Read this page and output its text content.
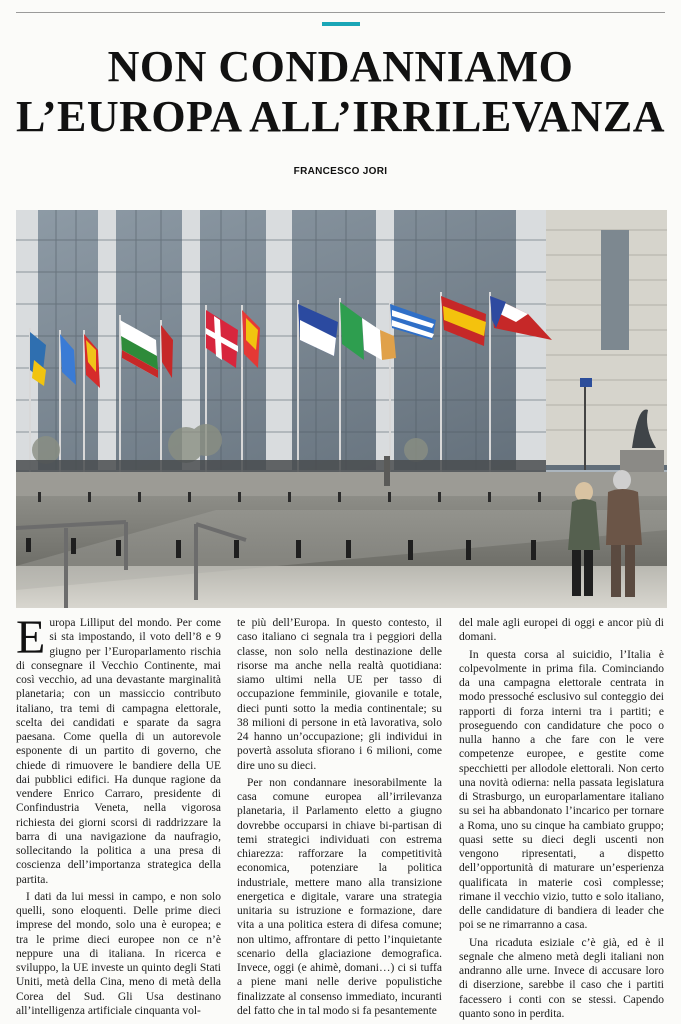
NON CONDANNIAMO
L’EUROPA ALL’IRRILEVANZA
FRANCESCO JORI

Europa Lilliput del mondo. Per come si sta impostando, il voto dell’8 e 9 giugno per l’Europarlamento rischia di consegnare il Vecchio Continente, mai così vecchio, ad una devastante marginalità planetaria; con un massiccio contributo italiano, tra temi di campagna elettorale, scelta dei candidati e sparate da sagra paesana. Come quella di un autorevole esponente di un partito di governo, che chiede di rimuovere le bandiere della UE dai pubblici edifici. Ha dunque ragione da vendere Enrico Carraro, presidente di Confindustria Veneta, nella vigorosa richiesta dei giorni scorsi di raddrizzare la barra di una navigazione da naufragio, sollecitando la politica a una presa di coscienza dell’importanza strategica della partita.

I dati da lui messi in campo, e non solo quelli, sono eloquenti. Delle prime dieci imprese del mondo, solo una è europea; e tra le prime dieci europee non ce n’è neppure una di italiana. In ricerca e sviluppo, la UE investe un quinto degli Stati Uniti, metà della Cina, meno di metà della Corea del Sud. Gli Usa destinano all’intelligenza artificiale cinquanta vol-

te più dell’Europa. In questo contesto, il caso italiano ci segnala tra i peggiori della classe, non solo nella destinazione delle risorse ma anche nella realtà quotidiana: siamo ultimi nella UE per tasso di occupazione femminile, giovanile e totale, dieci punti sotto la media continentale; su 38 milioni di persone in età lavorativa, solo 24 hanno un’occupazione; gli individui in povertà assoluta sfiorano i 6 milioni, come dire uno su dieci.

Per non condannare inesorabilmente la casa comune europea all’irrilevanza planetaria, il Parlamento eletto a giugno dovrebbe occuparsi in chiave bi-partisan di temi strategici individuati con estrema chiarezza: rafforzare la competitività economica, potenziare la politica industriale, mettere mano alla transizione energetica e digitale, varare una strategia unitaria su istruzione e formazione, dare vita a una politica estera di difesa comune; non ultimo, affrontare di petto l’inquietante scenario della glaciazione demografica. Invece, oggi (e ahimè, domani…) ci si tuffa a piene mani nelle derive populistiche finalizzate al consenso immediato, incuranti del fatto che in tal modo si fa pesantemente

del male agli europei di oggi e ancor più di domani.

In questa corsa al suicidio, l’Italia è colpevolmente in prima fila. Cominciando da una campagna elettorale centrata in modo pressoché esclusivo sul conteggio dei rapporti di forza interni tra i partiti; e proseguendo con candidature che poco o nulla hanno a che fare con le vere competenze europee, e gestite come specchietti per allodole elettorali. Non certo una novità odierna: nella passata legislatura di Strasburgo, un europarlamentare italiano su sei ha abbandonato l’incarico per tornare a Roma, uno su cinque ha cambiato gruppo; quasi sette su dieci degli uscenti non vengono ripresentati, a dispetto dell’opportunità di maturare un’esperienza qualificata in materie così complesse; rimane il vecchio vizio, tutto e solo italiano, delle candidature di bandiera di leader che poi se ne rimarranno a casa.

Una ricaduta esiziale c’è già, ed è il segnale che almeno metà degli italiani non andranno alle urne. Invece di accusare loro di diserzione, sarebbe il caso che i partiti facessero i conti con se stessi. Capendo quanto sono in perdita.
